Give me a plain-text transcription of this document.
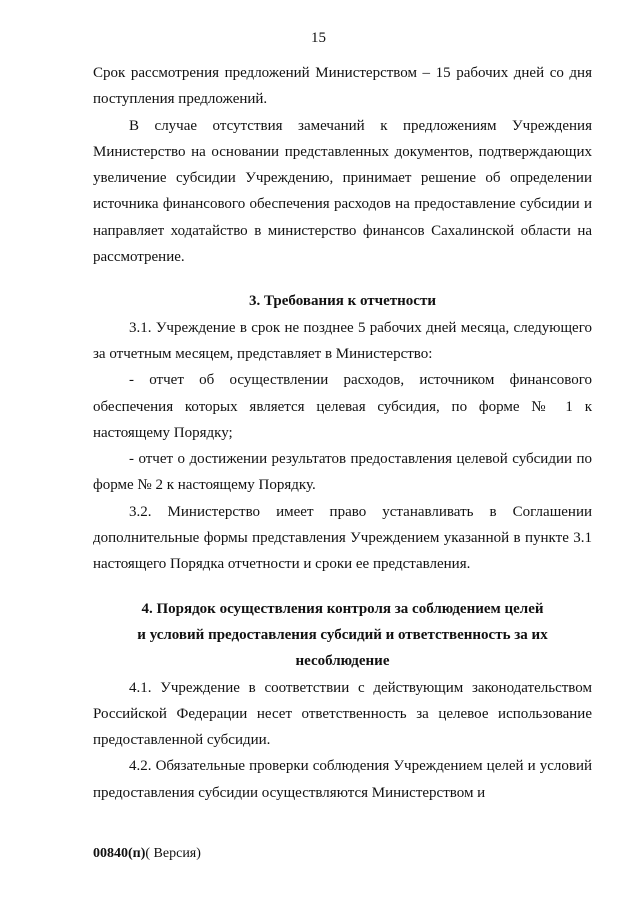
15

Срок рассмотрения предложений Министерством – 15 рабочих дней со дня поступления предложений.

В случае отсутствия замечаний к предложениям Учреждения Министерство на основании представленных документов, подтверждающих увеличение субсидии Учреждению, принимает решение об определении источника финансового обеспечения расходов на предоставление субсидии и направляет ходатайство в министерство финансов Сахалинской области на рассмотрение.

3. Требования к отчетности

3.1. Учреждение в срок не позднее 5 рабочих дней месяца, следующего за отчетным месяцем, представляет в Министерство:

- отчет об осуществлении расходов, источником финансового обеспечения которых является целевая субсидия, по форме № 1 к настоящему Порядку;

- отчет о достижении результатов предоставления целевой субсидии по форме № 2 к настоящему Порядку.

3.2. Министерство имеет право устанавливать в Соглашении дополнительные формы представления Учреждением указанной в пункте 3.1 настоящего Порядка отчетности и сроки ее представления.

4. Порядок осуществления контроля за соблюдением целей

и условий предоставления субсидий и ответственность за их

несоблюдение

4.1. Учреждение в соответствии с действующим законодательством Российской Федерации несет ответственность за целевое использование предоставленной субсидии.

4.2. Обязательные проверки соблюдения Учреждением целей и условий предоставления субсидии осуществляются Министерством и

00840(п)( Версия)
